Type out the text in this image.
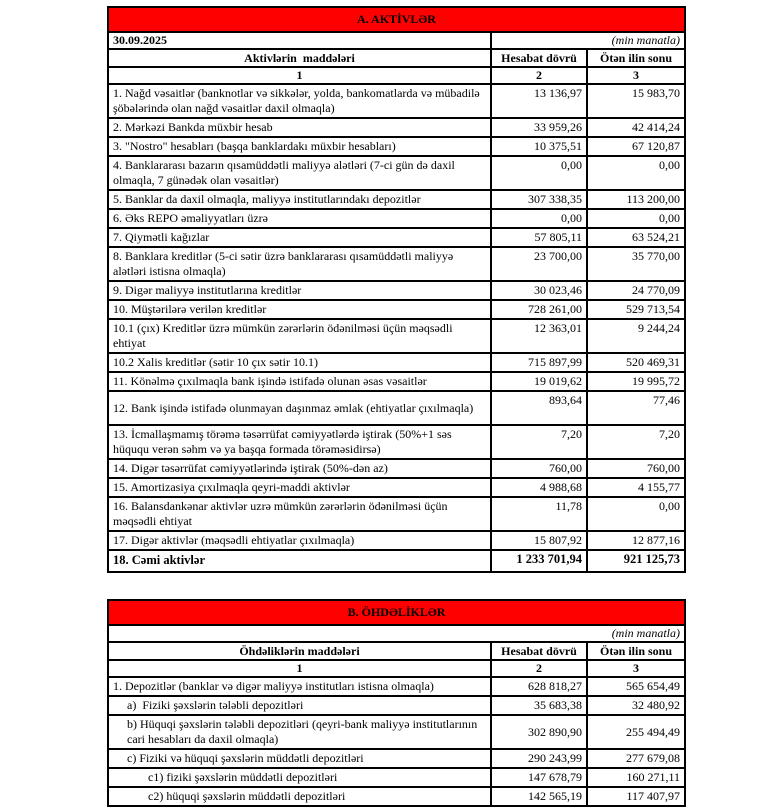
A. AKTİVLƏR		
30.09.2025	(min manatla)	
Aktivlərin  maddələri	Hesabat dövrü	Ötən ilin sonu
1	2	3
1. Nağd vəsaitlər (banknotlar və sikkələr, yolda, bankomatlarda və mübadilə şöbələrində olan nağd vəsaitlər daxil olmaqla)	13 136,97	15 983,70
2. Mərkəzi Bankda müxbir hesab	33 959,26	42 414,24
3. "Nostro" hesabları (başqa banklardakı müxbir hesabları)	10 375,51	67 120,87
4. Banklararası bazarın qısamüddətli maliyyə alətləri (7-ci gün də daxil olmaqla, 7 günədək olan vəsaitlər)	0,00	0,00
5. Banklar da daxil olmaqla, maliyyə institutlarındakı depozitlər	307 338,35	113 200,00
6. Əks REPO əməliyyatları üzrə	0,00	0,00
7. Qiymətli kağızlar	57 805,11	63 524,21
8. Banklara kreditlər (5-ci sətir üzrə banklararası qısamüddətli maliyyə alətləri istisna olmaqla)	23 700,00	35 770,00
9. Digər maliyyə institutlarına kreditlər	30 023,46	24 770,09
10. Müştərilərə verilən kreditlər	728 261,00	529 713,54
10.1 (çıx) Kreditlər üzrə mümkün zərərlərin ödənilməsi üçün məqsədli ehtiyat	12 363,01	9 244,24
10.2 Xalis kreditlər (sətir 10 çıx sətir 10.1)	715 897,99	520 469,31
11. Könəlmə çıxılmaqla bank işində istifadə olunan əsas vəsaitlər	19 019,62	19 995,72
12. Bank işində istifadə olunmayan daşınmaz əmlak (ehtiyatlar çıxılmaqla)	893,64	77,46
13. İcmallaşmamış törəmə təsərrüfat cəmiyyətlərdə iştirak (50%+1 səs hüququ verən səhm və ya başqa formada törəməsidirsə)	7,20	7,20
14. Digər təsərrüfat cəmiyyətlərində iştirak (50%-dən az)	760,00	760,00
15. Amortizasiya çıxılmaqla qeyri-maddi aktivlər	4 988,68	4 155,77
16. Balansdankənar aktivlər uzrə mümkün zərərlərin ödənilməsi üçün məqsədli ehtiyat	11,78	0,00
17. Digər aktivlər (məqsədli ehtiyatlar çıxılmaqla)	15 807,92	12 877,16
18. Cəmi aktivlər	1 233 701,94	921 125,73
B. ÖHDƏLİKLƏR		
(min manatla)		
Öhdəliklərin maddələri	Hesabat dövrü	Ötən ilin sonu
1	2	3
1. Depozitlər (banklar və digər maliyyə institutları istisna olmaqla)	628 818,27	565 654,49
a)  Fiziki şəxslərin tələbli depozitləri	35 683,38	32 480,92
b) Hüquqi şəxslərin tələbli depozitləri (qeyri-bank maliyyə institutlarının cari hesabları da daxil olmaqla)	302 890,90	255 494,49
c) Fiziki və hüquqi şəxslərin müddətli depozitləri	290 243,99	277 679,08
c1) fiziki şəxslərin müddətli depozitləri	147 678,79	160 271,11
c2) hüquqi şəxslərin müddətli depozitləri	142 565,19	117 407,97
